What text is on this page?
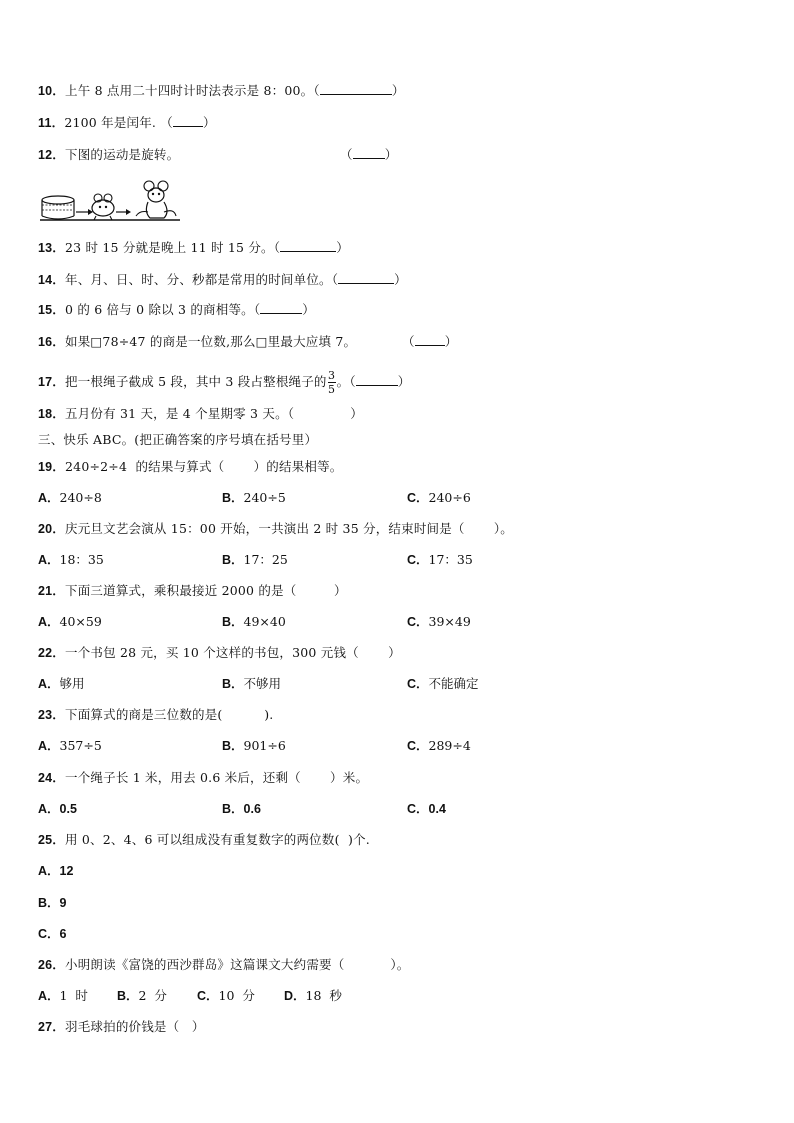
10．上午 8 点用二十四时计时法表示是 8：00。（	）
11．2100 年是闰年. （ ）
12．下图的运动是旋转。	（	）
13．23 时 15 分就是晚上 11 时 15 分。（	）
14．年、月、日、时、分、秒都是常用的时间单位。（	）
15．0 的 6 倍与 0 除以 3 的商相等。（	）
16．如果□78÷47 的商是一位数,那么□里最大应填 7。	（ ）
17．把一根绳子截成 5 段，其中 3 段占整根绳子的 $\frac{3}{5}$ 。（	）
18．五月份有 31 天，是 4 个星期零 3 天。（	）
三、快乐 ABC。(把正确答案的序号填在括号里）
19．240÷2÷4  的结果与算式（       ）的结果相等。
A．240÷8	B．240÷5	C．240÷6
20．庆元旦文艺会演从 15：00 开始，一共演出 2 时 35 分，结束时间是（       ）。
A．18：35	B．17：25	C．17：35
21．下面三道算式，乘积最接近 2000 的是（         ）
A．40×59	B．49×40	C．39×49
22．一个书包 28 元，买 10 个这样的书包，300 元钱（       ）
A．够用	B．不够用	C．不能确定
23．下面算式的商是三位数的是(          ).
A．357÷5	B．901÷6	C．289÷4
24．一个绳子长 1 米，用去 0.6 米后，还剩（       ）米。
A．0.5	B．0.6	C．0.4
25．用 0、2、4、6 可以组成没有重复数字的两位数(  )个.
A．12
B．9
C．6
26．小明朗读《富饶的西沙群岛》这篇课文大约需要（           ）。
A．1  时 B．2  分 C．10  分 D．18  秒
27．羽毛球拍的价钱是（   ）
